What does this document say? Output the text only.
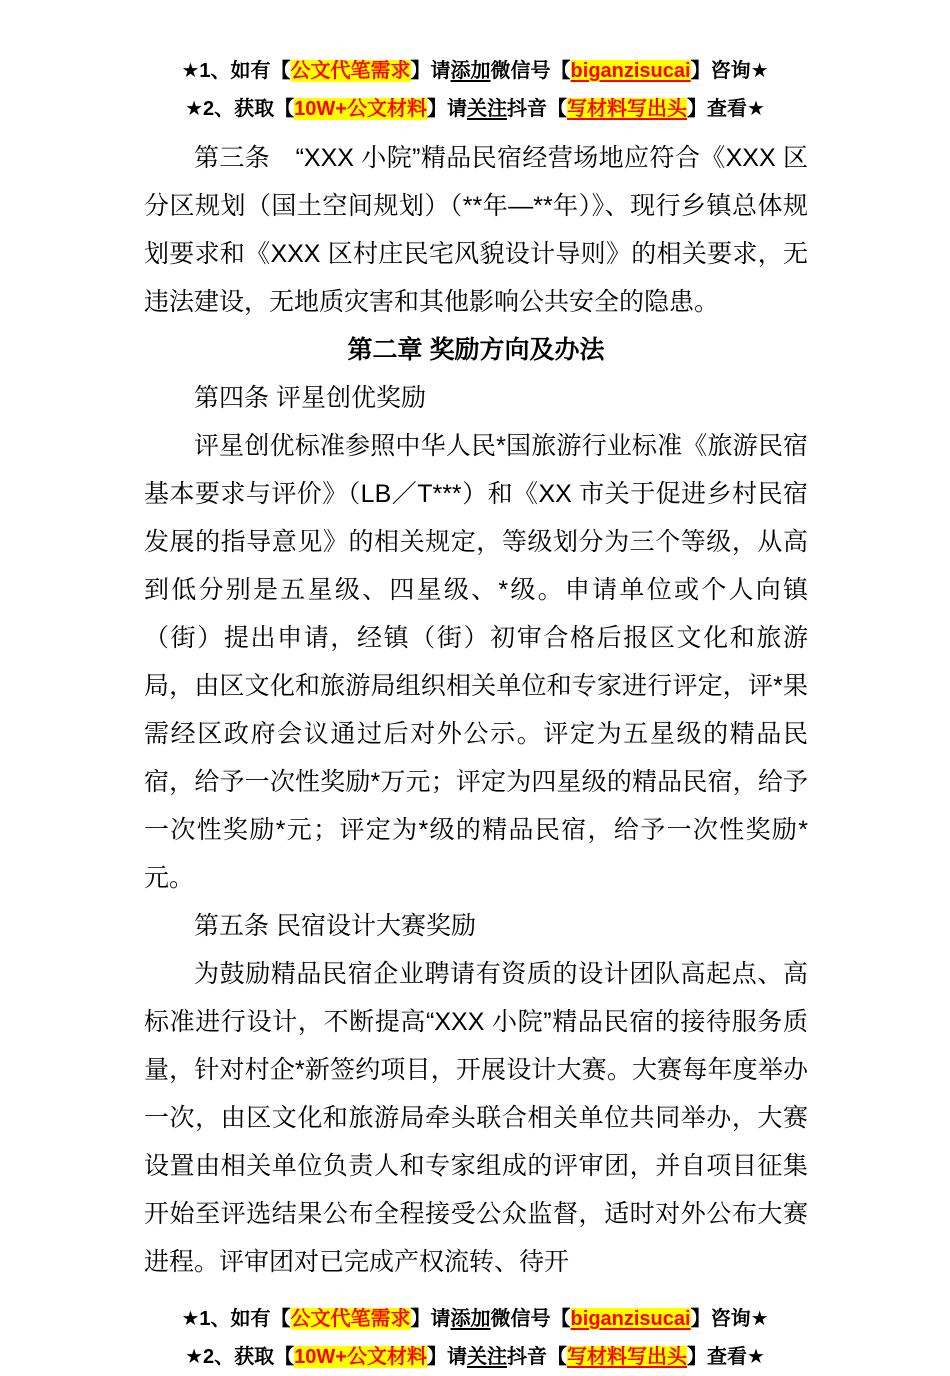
★1、如有【公文代笔需求】请添加微信号【biganzisucai】咨询★
★2、获取【10W+公文材料】请关注抖音【写材料写出头】查看★

第三条　“XXX 小院”精品民宿经营场地应符合《XXX 区分区规划（国土空间规划）（**年—**年）》、现行乡镇总体规划要求和《XXX 区村庄民宅风貌设计导则》的相关要求，无违法建设，无地质灾害和其他影响公共安全的隐患。

第二章 奖励方向及办法

第四条 评星创优奖励

评星创优标准参照中华人民*国旅游行业标准《旅游民宿基本要求与评价》（LB／T***）和《XX 市关于促进乡村民宿发展的指导意见》的相关规定，等级划分为三个等级，从高到低分别是五星级、四星级、*级。申请单位或个人向镇（街）提出申请，经镇（街）初审合格后报区文化和旅游局，由区文化和旅游局组织相关单位和专家进行评定，评*果需经区政府会议通过后对外公示。评定为五星级的精品民宿，给予一次性奖励*万元；评定为四星级的精品民宿，给予一次性奖励*元；评定为*级的精品民宿，给予一次性奖励*元。

第五条 民宿设计大赛奖励

为鼓励精品民宿企业聘请有资质的设计团队高起点、高标准进行设计，不断提高“XXX 小院”精品民宿的接待服务质量，针对村企*新签约项目，开展设计大赛。大赛每年度举办一次，由区文化和旅游局牵头联合相关单位共同举办，大赛设置由相关单位负责人和专家组成的评审团，并自项目征集开始至评选结果公布全程接受公众监督，适时对外公布大赛进程。评审团对已完成产权流转、待开

★1、如有【公文代笔需求】请添加微信号【biganzisucai】咨询★
★2、获取【10W+公文材料】请关注抖音【写材料写出头】查看★
